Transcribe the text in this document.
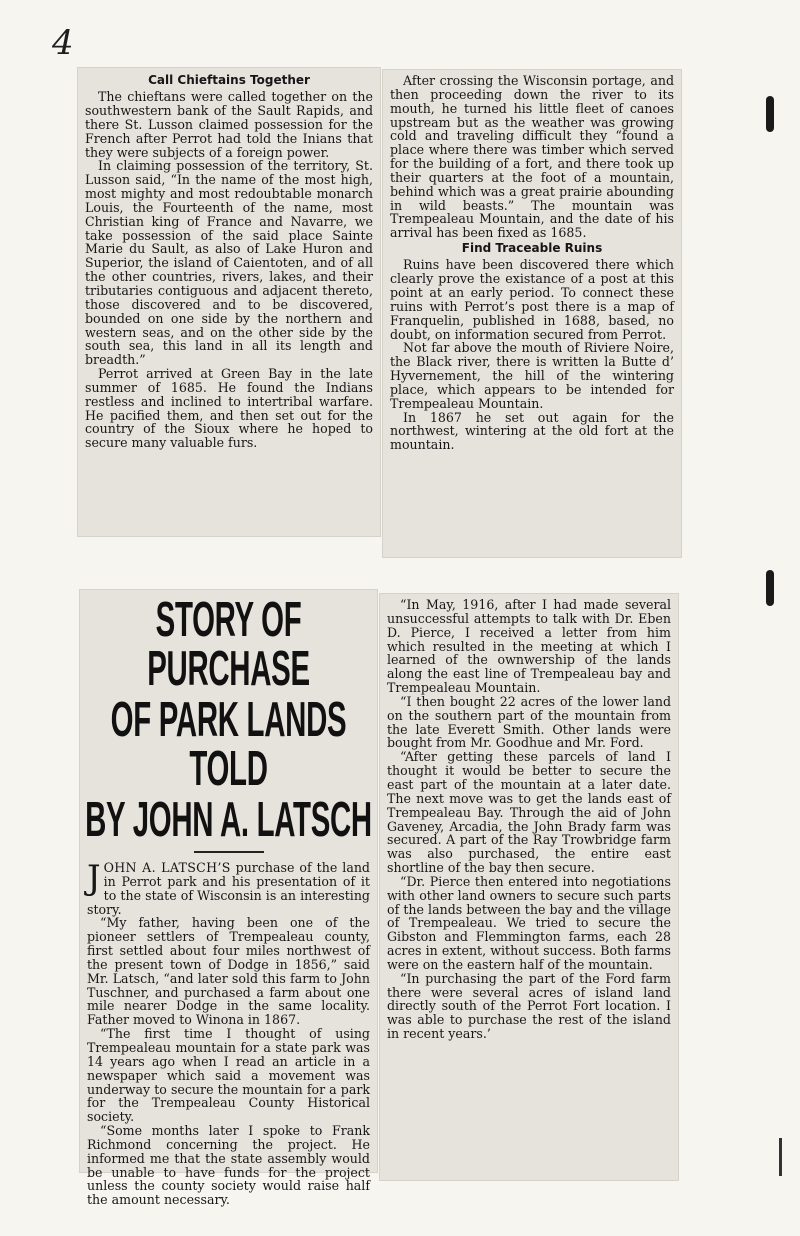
4
Call Chieftains Together

The chieftans were called together on the southwestern bank of the Sault Rapids, and there St. Lusson claimed possession for the French after Perrot had told the Inians that they were subjects of a foreign power.

In claiming possession of the territory, St. Lusson said, “In the name of the most high, most mighty and most redoubtable monarch Louis, the Fourteenth of the name, most Christian king of France and Navarre, we take possession of the said place Sainte Marie du Sault, as also of Lake Huron and Superior, the island of Caientoten, and of all the other countries, rivers, lakes, and their tributaries contiguous and adjacent thereto, those discovered and to be discovered, bounded on one side by the northern and western seas, and on the other side by the south sea, this land in all its length and breadth.”

Perrot arrived at Green Bay in the late summer of 1685. He found the Indians restless and inclined to intertribal warfare. He pacified them, and then set out for the country of the Sioux where he hoped to secure many valuable furs.

After crossing the Wisconsin portage, and then proceeding down the river to its mouth, he turned his little fleet of canoes upstream but as the weather was growing cold and traveling difficult they “found a place where there was timber which served for the building of a fort, and there took up their quarters at the foot of a mountain, behind which was a great prairie abounding in wild beasts.” The mountain was Trempealeau Mountain, and the date of his arrival has been fixed as 1685.

Find Traceable Ruins

Ruins have been discovered there which clearly prove the existance of a post at this point at an early period. To connect these ruins with Perrot’s post there is a map of Franquelin, published in 1688, based, no doubt, on information secured from Perrot.

Not far above the mouth of Riviere Noire, the Black river, there is written la Butte d’ Hyvernement, the hill of the wintering place, which appears to be intended for Trempealeau Mountain.

In 1867 he set out again for the northwest, wintering at the old fort at the mountain.

STORY OF PURCHASE
OF PARK LANDS TOLD
BY JOHN A. LATSCH

JOHN A. LATSCH’S purchase of the land in Perrot park and his presentation of it to the state of Wisconsin is an interesting story.

“My father, having been one of the pioneer settlers of Trempealeau county, first settled about four miles northwest of the present town of Dodge in 1856,” said Mr. Latsch, “and later sold this farm to John Tuschner, and purchased a farm about one mile nearer Dodge in the same locality. Father moved to Winona in 1867.

“The first time I thought of using Trempealeau mountain for a state park was 14 years ago when I read an article in a newspaper which said a movement was underway to secure the mountain for a park for the Trempealeau County Historical society.

“Some months later I spoke to Frank Richmond concerning the project. He informed me that the state assembly would be unable to have funds for the project unless the county society would raise half the amount necessary.

“In May, 1916, after I had made several unsuccessful attempts to talk with Dr. Eben D. Pierce, I received a letter from him which resulted in the meeting at which I learned of the ownwership of the lands along the east line of Trempealeau bay and Trempealeau Mountain.

“I then bought 22 acres of the lower land on the southern part of the mountain from the late Everett Smith. Other lands were bought from Mr. Goodhue and Mr. Ford.

“After getting these parcels of land I thought it would be better to secure the east part of the mountain at a later date. The next move was to get the lands east of Trempealeau Bay. Through the aid of John Gaveney, Arcadia, the John Brady farm was secured. A part of the Ray Trowbridge farm was also purchased, the entire east shortline of the bay then secure.

“Dr. Pierce then entered into negotiations with other land owners to secure such parts of the lands between the bay and the village of Trempealeau. We tried to secure the Gibston and Flemmington farms, each 28 acres in extent, without success. Both farms were on the eastern half of the mountain.

“In purchasing the part of the Ford farm there were several acres of island land directly south of the Perrot Fort location. I was able to purchase the rest of the island in recent years.’
